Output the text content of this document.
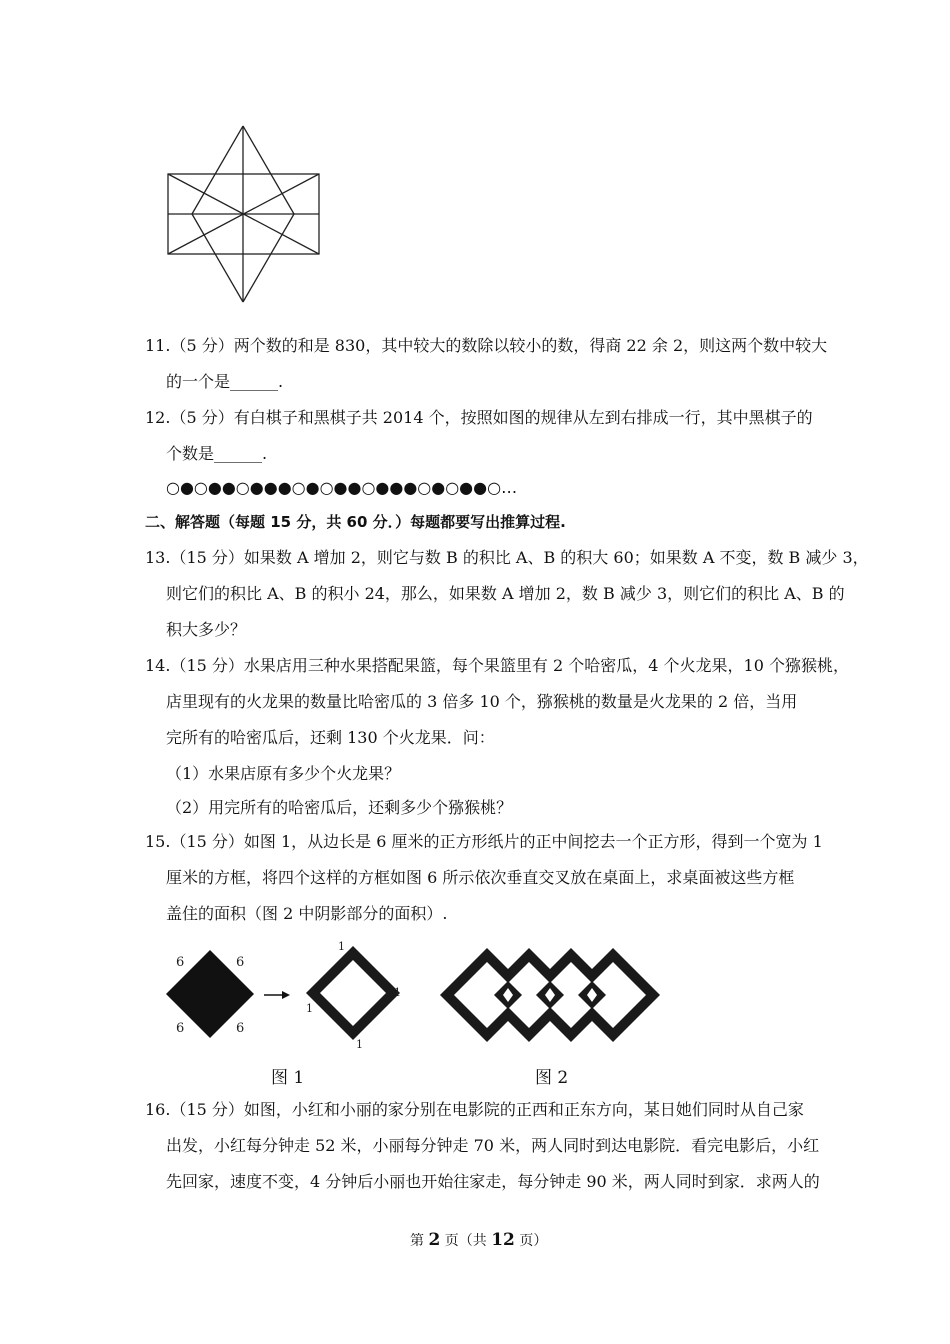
11.（5 分）两个数的和是 830，其中较大的数除以较小的数，得商 22 余 2，则这两个数中较大
的一个是______.
12.（5 分）有白棋子和黑棋子共 2014 个，按照如图的规律从左到右排成一行，其中黑棋子的
个数是______.
○●○●●○●●●○●○●●○●●●○●○●●○…
二、解答题（每题 15 分，共 60 分．）每题都要写出推算过程.
13.（15 分）如果数 A 增加 2，则它与数 B 的积比 A、B 的积大 60；如果数 A 不变，数 B 减少 3，
则它们的积比 A、B 的积小 24，那么，如果数 A 增加 2，数 B 减少 3，则它们的积比 A、B 的
积大多少？
14.（15 分）水果店用三种水果搭配果篮，每个果篮里有 2 个哈密瓜，4 个火龙果，10 个猕猴桃，
店里现有的火龙果的数量比哈密瓜的 3 倍多 10 个，猕猴桃的数量是火龙果的 2 倍，当用
完所有的哈密瓜后，还剩 130 个火龙果．问：
（1）水果店原有多少个火龙果？
（2）用完所有的哈密瓜后，还剩多少个猕猴桃？
15.（15 分）如图 1，从边长是 6 厘米的正方形纸片的正中间挖去一个正方形，得到一个宽为 1
厘米的方框，将四个这样的方框如图 6 所示依次垂直交叉放在桌面上，求桌面被这些方框
盖住的面积（图 2 中阴影部分的面积）.
6	6
6	6
1
1
1
1
图 1	图 2
16.（15 分）如图，小红和小丽的家分别在电影院的正西和正东方向，某日她们同时从自己家
出发，小红每分钟走 52 米，小丽每分钟走 70 米，两人同时到达电影院．看完电影后，小红
先回家，速度不变，4 分钟后小丽也开始往家走，每分钟走 90 米，两人同时到家．求两人的
第 2 页（共 12 页）
